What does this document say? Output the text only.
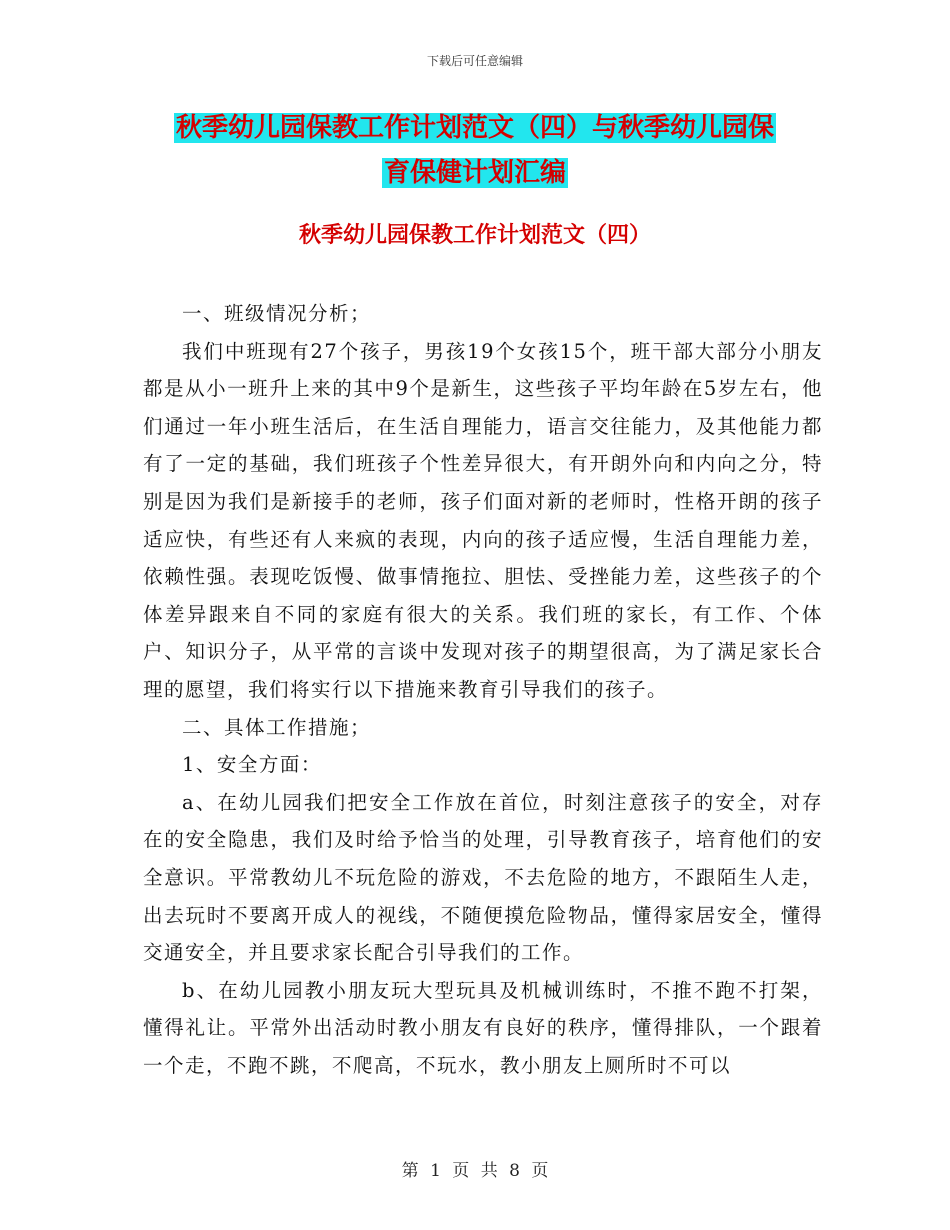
下载后可任意编辑
秋季幼儿园保教工作计划范文（四）与秋季幼儿园保
育保健计划汇编
秋季幼儿园保教工作计划范文（四）

一、班级情况分析；

我们中班现有27个孩子，男孩19个女孩15个，班干部大部分小朋友都是从小一班升上来的其中9个是新生，这些孩子平均年龄在5岁左右，他们通过一年小班生活后，在生活自理能力，语言交往能力，及其他能力都有了一定的基础，我们班孩子个性差异很大，有开朗外向和内向之分，特别是因为我们是新接手的老师，孩子们面对新的老师时，性格开朗的孩子适应快，有些还有人来疯的表现，内向的孩子适应慢，生活自理能力差，依赖性强。表现吃饭慢、做事情拖拉、胆怯、受挫能力差，这些孩子的个体差异跟来自不同的家庭有很大的关系。我们班的家长，有工作、个体户、知识分子，从平常的言谈中发现对孩子的期望很高，为了满足家长合理的愿望，我们将实行以下措施来教育引导我们的孩子。

二、具体工作措施；

1、安全方面：

a、在幼儿园我们把安全工作放在首位，时刻注意孩子的安全，对存在的安全隐患，我们及时给予恰当的处理，引导教育孩子，培育他们的安全意识。平常教幼儿不玩危险的游戏，不去危险的地方，不跟陌生人走，出去玩时不要离开成人的视线，不随便摸危险物品，懂得家居安全，懂得交通安全，并且要求家长配合引导我们的工作。

b、在幼儿园教小朋友玩大型玩具及机械训练时，不推不跑不打架，懂得礼让。平常外出活动时教小朋友有良好的秩序，懂得排队，一个跟着一个走，不跑不跳，不爬高，不玩水，教小朋友上厕所时不可以

第 1 页 共 8 页
